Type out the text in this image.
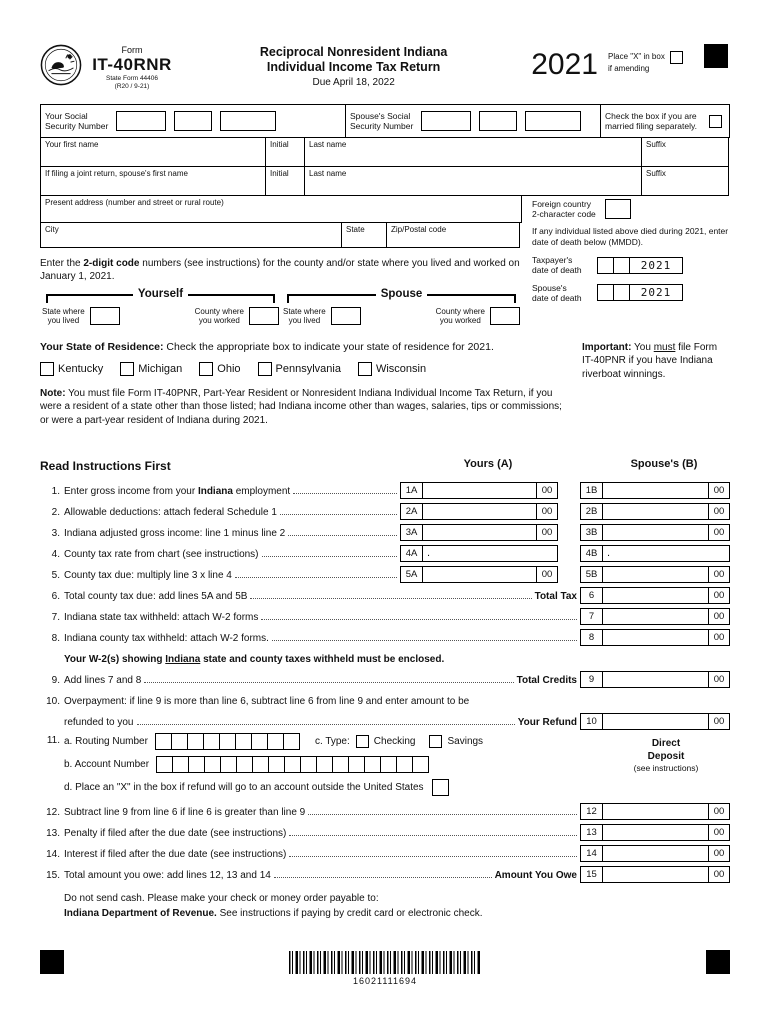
Form
IT-40RNR
State Form 44406
(R20 / 9-21)
Reciprocal Nonresident Indiana
Individual Income Tax Return
Due April 18, 2022
2021	Place "X" in box
if amending
Your Social
Security Number
Spouse's Social
Security Number
Check the box if you are
married filing separately.
Your first name	Initial	Last name	Suffix
If filing a joint return, spouse's first name	Initial	Last name	Suffix
Present address (number and street or rural route)
City	State	Zip/Postal code
Enter the 2-digit code numbers (see instructions) for the county and/or state where you lived and worked on January 1, 2021.
Yourself
State where
you lived
County where
you worked
Spouse
State where
you lived
County where
you worked
Foreign country
2-character code
If any individual listed above died during 2021, enter date of death below (MMDD).
Taxpayer's
date of death	2021
Spouse's
date of death	2021
Your State of Residence: Check the appropriate box to indicate your state of residence for 2021.
Kentucky	Michigan	Ohio	Pennsylvania	Wisconsin
Note: You must file Form IT-40PNR, Part-Year Resident or Nonresident Indiana Individual Income Tax Return, if you were a resident of a state other than those listed; had Indiana income other than wages, salaries, tips or commissions; or were a part-year resident of Indiana during 2021.
Important: You must file Form IT-40PNR if you have Indiana riverboat winnings.
Read Instructions First	Yours (A)	Spouse's (B)
1. Enter gross income from your Indiana employment	1A	00	1B	00
2. Allowable deductions: attach federal Schedule 1	2A	00	2B	00
3. Indiana adjusted gross income: line 1 minus line 2	3A	00	3B	00
4. County tax rate from chart (see instructions)	4A .	4B .
5. County tax due: multiply line 3 x line 4	5A	00	5B	00
6. Total county tax due: add lines 5A and 5B	Total Tax	6	00
7. Indiana state tax withheld: attach W-2 forms	7	00
8. Indiana county tax withheld: attach W-2 forms.	8	00
Your W-2(s) showing Indiana state and county taxes withheld must be enclosed.
9. Add lines 7 and 8	Total Credits	9	00
10. Overpayment: if line 9 is more than line 6, subtract line 6 from line 9 and enter amount to be
refunded to you	Your Refund 10	00
11. a. Routing Number	c. Type: Checking	Savings
b. Account Number
d. Place an "X" in the box if refund will go to an account outside the United States
Direct
Deposit
(see instructions)
12. Subtract line 9 from line 6 if line 6 is greater than line 9	12	00
13. Penalty if filed after the due date (see instructions)	13	00
14. Interest if filed after the due date (see instructions)	14	00
15. Total amount you owe: add lines 12, 13 and 14	Amount You Owe 15	00
Do not send cash. Please make your check or money order payable to:
Indiana Department of Revenue. See instructions if paying by credit card or electronic check.
16021111694
